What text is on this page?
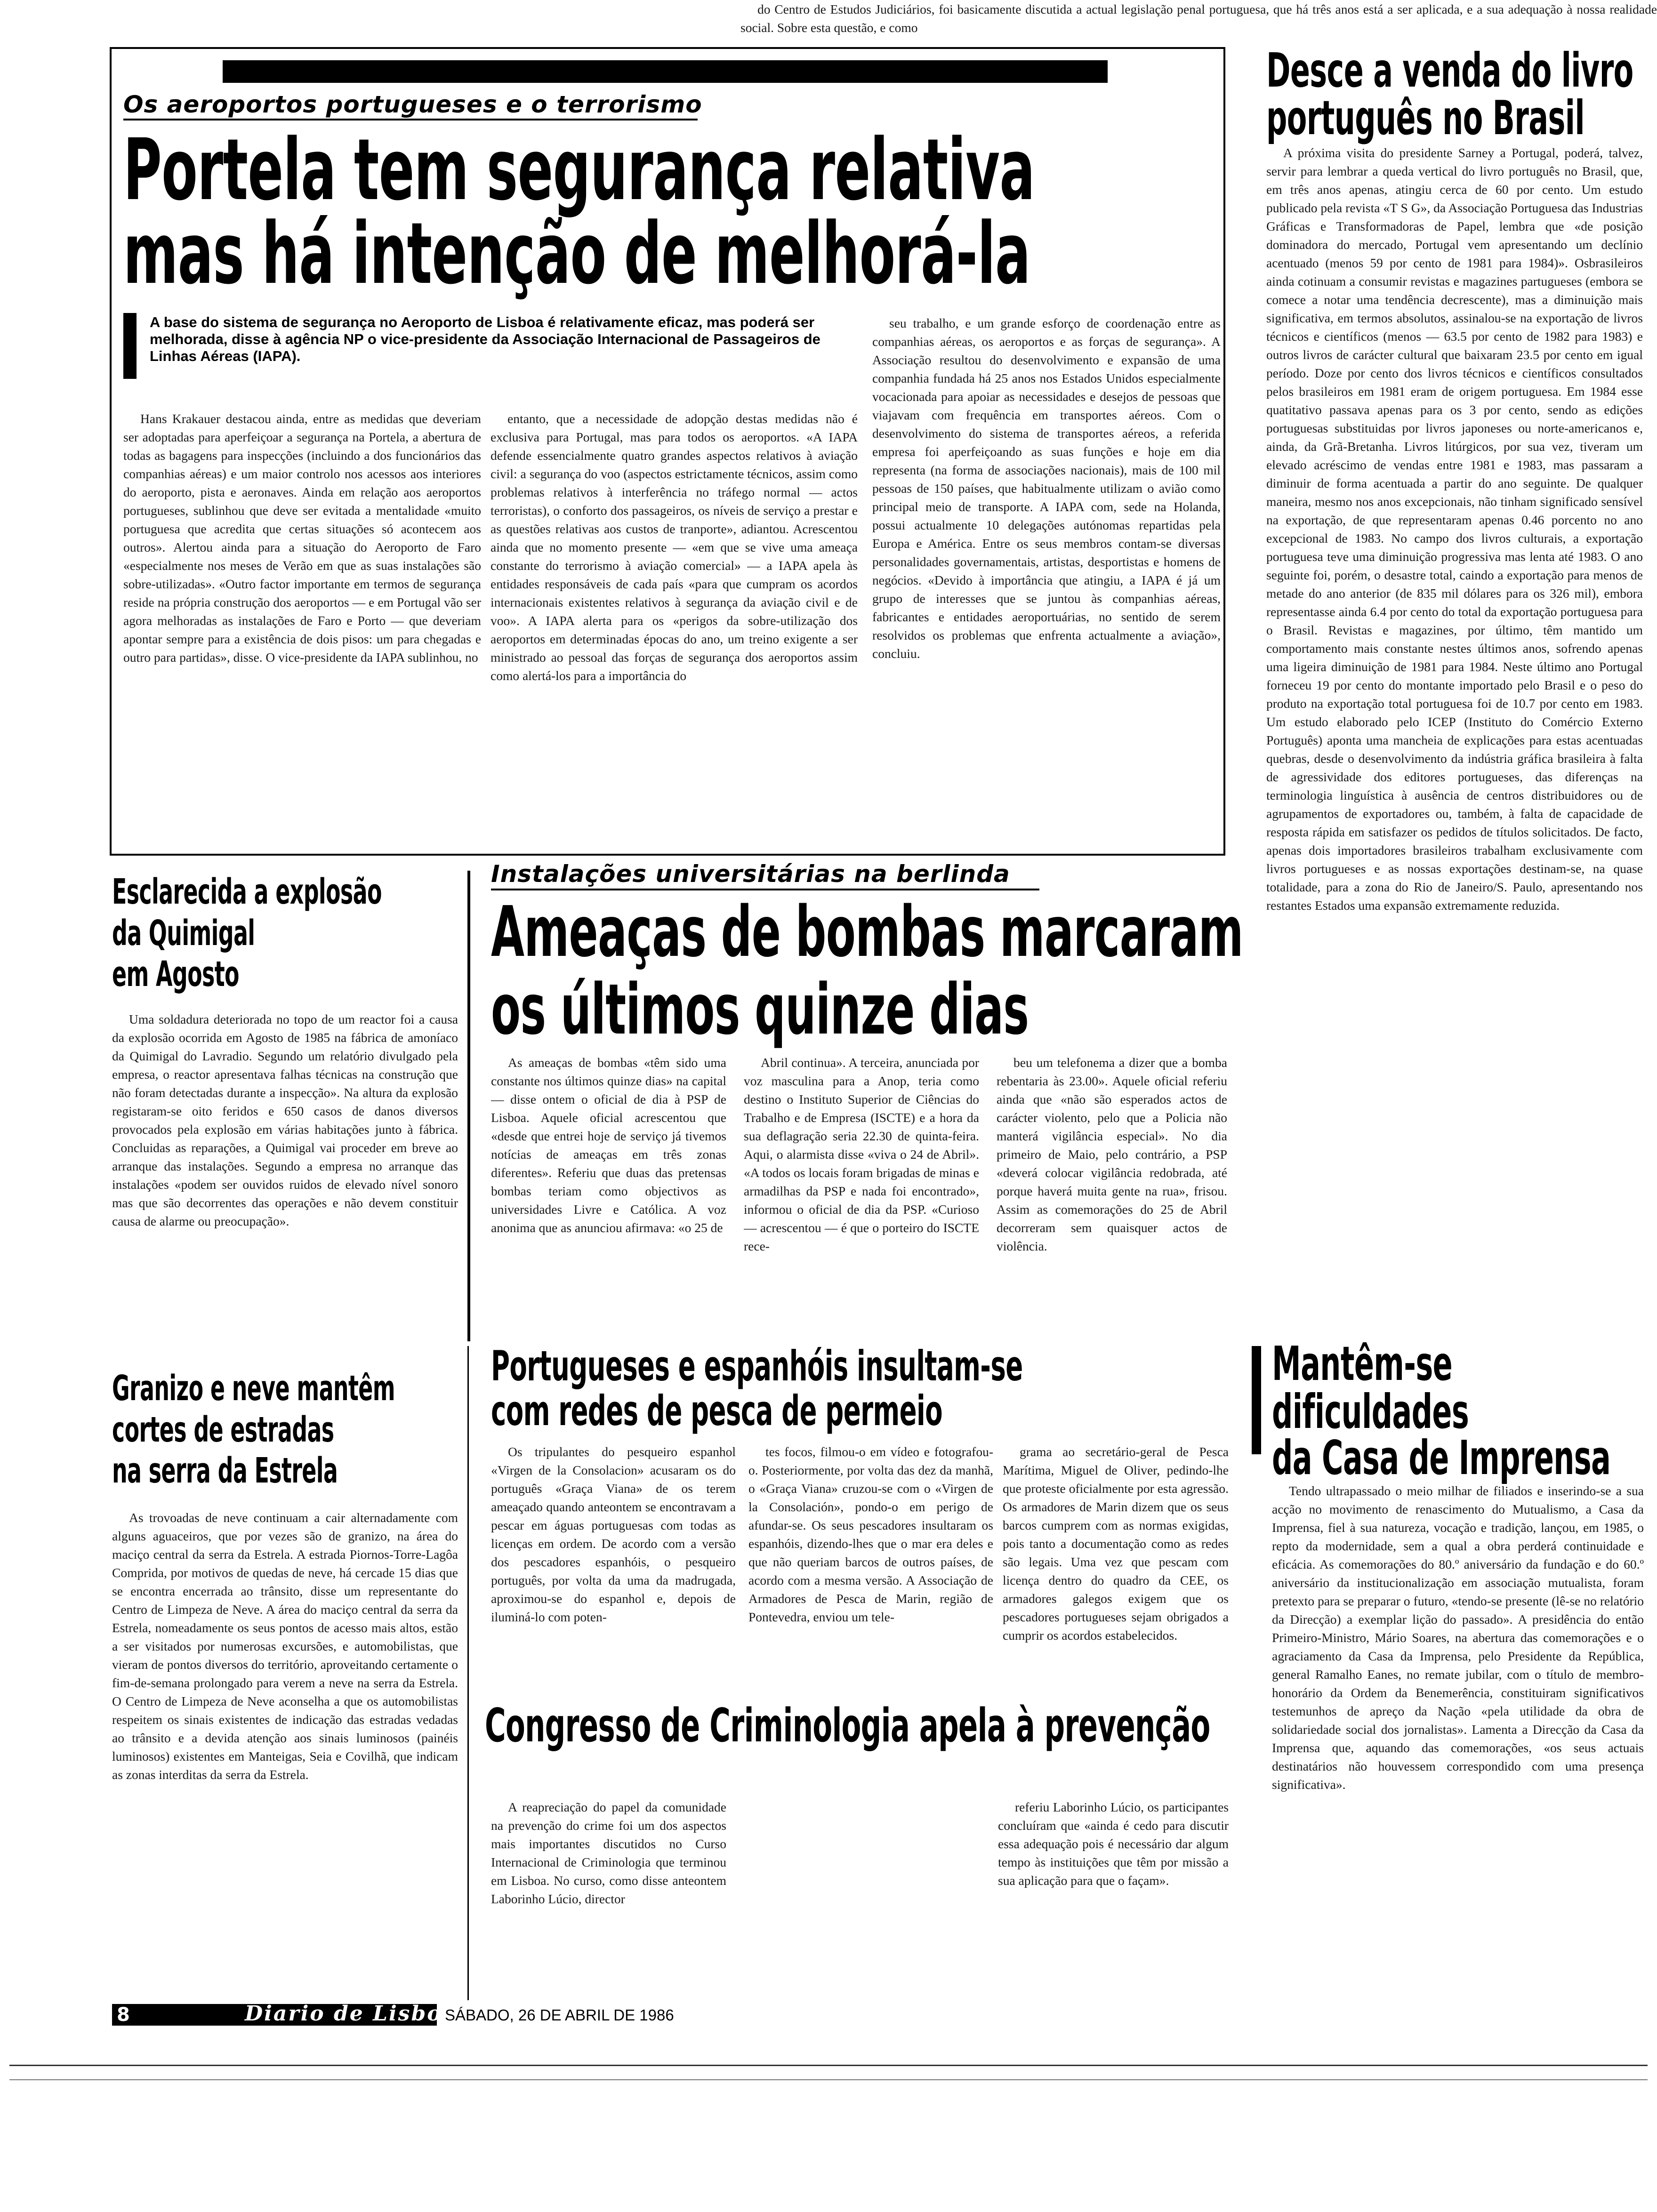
Os aeroportos portugueses e o terrorismo
Portela tem segurança relativa
mas há intenção de melhorá-la

A base do sistema de segurança no Aeroporto de Lisboa é relativamente eficaz, mas poderá ser melhorada, disse à agência NP o vice-presidente da Associação Internacional de Passageiros de Linhas Aéreas (IAPA).

Hans Krakauer destacou ainda, entre as medidas que deveriam ser adoptadas para aperfeiçoar a segurança na Portela, a abertura de todas as bagagens para inspecções (incluindo a dos funcionários das companhias aéreas) e um maior controlo nos acessos aos interiores do aeroporto, pista e aeronaves. Ainda em relação aos aeroportos portugueses, sublinhou que deve ser evitada a mentalidade «muito portuguesa que acredita que certas situações só acontecem aos outros». Alertou ainda para a situação do Aeroporto de Faro «especialmente nos meses de Verão em que as suas instalações são sobre-utilizadas». «Outro factor importante em termos de segurança reside na própria construção dos aeroportos — e em Portugal vão ser agora melhoradas as instalações de Faro e Porto — que deveriam apontar sempre para a existência de dois pisos: um para chegadas e outro para partidas», disse. O vice-presidente da IAPA sublinhou, no

entanto, que a necessidade de adopção destas medidas não é exclusiva para Portugal, mas para todos os aeroportos. «A IAPA defende essencialmente quatro grandes aspectos relativos à aviação civil: a segurança do voo (aspectos estrictamente técnicos, assim como problemas relativos à interferência no tráfego normal — actos terroristas), o conforto dos passageiros, os níveis de serviço a prestar e as questões relativas aos custos de tranporte», adiantou. Acrescentou ainda que no momento presente — «em que se vive uma ameaça constante do terrorismo à aviação comercial» — a IAPA apela às entidades responsáveis de cada país «para que cumpram os acordos internacionais existentes relativos à segurança da aviação civil e de voo». A IAPA alerta para os «perigos da sobre-utilização dos aeroportos em determinadas épocas do ano, um treino exigente a ser ministrado ao pessoal das forças de segurança dos aeroportos assim como alertá-los para a importância do

seu trabalho, e um grande esforço de coordenação entre as companhias aéreas, os aeroportos e as forças de segurança». A Associação resultou do desenvolvimento e expansão de uma companhia fundada há 25 anos nos Estados Unidos especialmente vocacionada para apoiar as necessidades e desejos de pessoas que viajavam com frequência em transportes aéreos. Com o desenvolvimento do sistema de transportes aéreos, a referida empresa foi aperfeiçoando as suas funções e hoje em dia representa (na forma de associações nacionais), mais de 100 mil pessoas de 150 países, que habitualmente utilizam o avião como principal meio de transporte. A IAPA com, sede na Holanda, possui actualmente 10 delegações autónomas repartidas pela Europa e América. Entre os seus membros contam-se diversas personalidades governamentais, artistas, desportistas e homens de negócios. «Devido à importância que atingiu, a IAPA é já um grupo de interesses que se juntou às companhias aéreas, fabricantes e entidades aeroportuárias, no sentido de serem resolvidos os problemas que enfrenta actualmente a aviação», concluiu.

Desce a venda do livro
português no Brasil

A próxima visita do presidente Sarney a Portugal, poderá, talvez, servir para lembrar a queda vertical do livro português no Brasil, que, em três anos apenas, atingiu cerca de 60 por cento. Um estudo publicado pela revista «T S G», da Associação Portuguesa das Industrias Gráficas e Transformadoras de Papel, lembra que «de posição dominadora do mercado, Portugal vem apresentando um declínio acentuado (menos 59 por cento de 1981 para 1984)». Osbrasileiros ainda cotinuam a consumir revistas e magazines partugueses (embora se comece a notar uma tendência decrescente), mas a diminuição mais significativa, em termos absolutos, assinalou-se na exportação de livros técnicos e científicos (menos — 63.5 por cento de 1982 para 1983) e outros livros de carácter cultural que baixaram 23.5 por cento em igual período. Doze por cento dos livros técnicos e científicos consultados pelos brasileiros em 1981 eram de origem portuguesa. Em 1984 esse quatitativo passava apenas para os 3 por cento, sendo as edições portuguesas substituidas por livros japoneses ou norte-americanos e, ainda, da Grã-Bretanha. Livros litúrgicos, por sua vez, tiveram um elevado acréscimo de vendas entre 1981 e 1983, mas passaram a diminuir de forma acentuada a partir do ano seguinte. De qualquer maneira, mesmo nos anos excepcionais, não tinham significado sensível na exportação, de que representaram apenas 0.46 porcento no ano excepcional de 1983. No campo dos livros culturais, a exportação portuguesa teve uma diminuição progressiva mas lenta até 1983. O ano seguinte foi, porém, o desastre total, caindo a exportação para menos de metade do ano anterior (de 835 mil dólares para os 326 mil), embora representasse ainda 6.4 por cento do total da exportação portuguesa para o Brasil. Revistas e magazines, por último, têm mantido um comportamento mais constante nestes últimos anos, sofrendo apenas uma ligeira diminuição de 1981 para 1984. Neste último ano Portugal forneceu 19 por cento do montante importado pelo Brasil e o peso do produto na exportação total portuguesa foi de 10.7 por cento em 1983. Um estudo elaborado pelo ICEP (Instituto do Comércio Externo Português) aponta uma mancheia de explicações para estas acentuadas quebras, desde o desenvolvimento da indústria gráfica brasileira à falta de agressividade dos editores portugueses, das diferenças na terminologia linguística à ausência de centros distribuidores ou de agrupamentos de exportadores ou, também, à falta de capacidade de resposta rápida em satisfazer os pedidos de títulos solicitados. De facto, apenas dois importadores brasileiros trabalham exclusivamente com livros portugueses e as nossas exportações destinam-se, na quase totalidade, para a zona do Rio de Janeiro/S. Paulo, apresentando nos restantes Estados uma expansão extremamente reduzida.

Esclarecida a explosão
da Quimigal
em Agosto

Uma soldadura deteriorada no topo de um reactor foi a causa da explosão ocorrida em Agosto de 1985 na fábrica de amoníaco da Quimigal do Lavradio. Segundo um relatório divulgado pela empresa, o reactor apresentava falhas técnicas na construção que não foram detectadas durante a inspecção». Na altura da explosão registaram-se oito feridos e 650 casos de danos diversos provocados pela explosão em várias habitações junto à fábrica. Concluidas as reparações, a Quimigal vai proceder em breve ao arranque das instalações. Segundo a empresa no arranque das instalações «podem ser ouvidos ruidos de elevado nível sonoro mas que são decorrentes das operações e não devem constituir causa de alarme ou preocupação».

Granizo e neve mantêm
cortes de estradas
na serra da Estrela

As trovoadas de neve continuam a cair alternadamente com alguns aguaceiros, que por vezes são de granizo, na área do maciço central da serra da Estrela. A estrada Piornos-Torre-Lagôa Comprida, por motivos de quedas de neve, há cercade 15 dias que se encontra encerrada ao trânsito, disse um representante do Centro de Limpeza de Neve. A área do maciço central da serra da Estrela, nomeadamente os seus pontos de acesso mais altos, estão a ser visitados por numerosas excursões, e automobilistas, que vieram de pontos diversos do território, aproveitando certamente o fim-de-semana prolongado para verem a neve na serra da Estrela. O Centro de Limpeza de Neve aconselha a que os automobilistas respeitem os sinais existentes de indicação das estradas vedadas ao trânsito e a devida atenção aos sinais luminosos (painéis luminosos) existentes em Manteigas, Seia e Covilhã, que indicam as zonas interditas da serra da Estrela.

Instalações universitárias na berlinda
Ameaças de bombas marcaram
os últimos quinze dias

As ameaças de bombas «têm sido uma constante nos últimos quinze dias» na capital — disse ontem o oficial de dia à PSP de Lisboa. Aquele oficial acrescentou que «desde que entrei hoje de serviço já tivemos notícias de ameaças em três zonas diferentes». Referiu que duas das pretensas bombas teriam como objectivos as universidades Livre e Católica. A voz anonima que as anunciou afirmava: «o 25 de

Abril continua». A terceira, anunciada por voz masculina para a Anop, teria como destino o Instituto Superior de Ciências do Trabalho e de Empresa (ISCTE) e a hora da sua deflagração seria 22.30 de quinta-feira. Aqui, o alarmista disse «viva o 24 de Abril». «A todos os locais foram brigadas de minas e armadilhas da PSP e nada foi encontrado», informou o oficial de dia da PSP. «Curioso — acrescentou — é que o porteiro do ISCTE rece-

beu um telefonema a dizer que a bomba rebentaria às 23.00». Aquele oficial referiu ainda que «não são esperados actos de carácter violento, pelo que a Policia não manterá vigilância especial». No dia primeiro de Maio, pelo contrário, a PSP «deverá colocar vigilância redobrada, até porque haverá muita gente na rua», frisou. Assim as comemorações do 25 de Abril decorreram sem quaisquer actos de violência.

Portugueses e espanhóis insultam-se
com redes de pesca de permeio

Os tripulantes do pesqueiro espanhol «Virgen de la Consolacion» acusaram os do português «Graça Viana» de os terem ameaçado quando anteontem se encontravam a pescar em águas portuguesas com todas as licenças em ordem. De acordo com a versão dos pescadores espanhóis, o pesqueiro português, por volta da uma da madrugada, aproximou-se do espanhol e, depois de iluminá-lo com poten-

tes focos, filmou-o em vídeo e fotografou-o. Posteriormente, por volta das dez da manhã, o «Graça Viana» cruzou-se com o «Virgen de la Consolación», pondo-o em perigo de afundar-se. Os seus pescadores insultaram os espanhóis, dizendo-lhes que o mar era deles e que não queriam barcos de outros países, de acordo com a mesma versão. A Associação de Armadores de Pesca de Marin, região de Pontevedra, enviou um tele-

grama ao secretário-geral de Pesca Marítima, Miguel de Oliver, pedindo-lhe que proteste oficialmente por esta agressão. Os armadores de Marin dizem que os seus barcos cumprem com as normas exigidas, pois tanto a documentação como as redes são legais. Uma vez que pescam com licença dentro do quadro da CEE, os armadores galegos exigem que os pescadores portugueses sejam obrigados a cumprir os acordos estabelecidos.

Congresso de Criminologia apela à prevenção

A reapreciação do papel da comunidade na prevenção do crime foi um dos aspectos mais importantes discutidos no Curso Internacional de Criminologia que terminou em Lisboa. No curso, como disse anteontem Laborinho Lúcio, director

do Centro de Estudos Judiciários, foi basicamente discutida a actual legislação penal portuguesa, que há três anos está a ser aplicada, e a sua adequação à nossa realidade social. Sobre esta questão, e como

referiu Laborinho Lúcio, os participantes concluíram que «ainda é cedo para discutir essa adequação pois é necessário dar algum tempo às instituições que têm por missão a sua aplicação para que o façam».

Mantêm-se
dificuldades
da Casa de Imprensa

Tendo ultrapassado o meio milhar de filiados e inserindo-se a sua acção no movimento de renascimento do Mutualismo, a Casa da Imprensa, fiel à sua natureza, vocação e tradição, lançou, em 1985, o repto da modernidade, sem a qual a obra perderá continuidade e eficácia. As comemorações do 80.º aniversário da fundação e do 60.º aniversário da institucionalização em associação mutualista, foram pretexto para se preparar o futuro, «tendo-se presente (lê-se no relatório da Direcção) a exemplar lição do passado». A presidência do então Primeiro-Ministro, Mário Soares, na abertura das comemorações e o agraciamento da Casa da Imprensa, pelo Presidente da República, general Ramalho Eanes, no remate jubilar, com o título de membro-honorário da Ordem da Benemerência, constituiram significativos testemunhos de apreço da Nação «pela utilidade da obra de solidariedade social dos jornalistas». Lamenta a Direcção da Casa da Imprensa que, aquando das comemorações, «os seus actuais destinatários não houvessem correspondido com uma presença significativa».

8	Diario de Lisboa
SÁBADO, 26 DE ABRIL DE 1986
